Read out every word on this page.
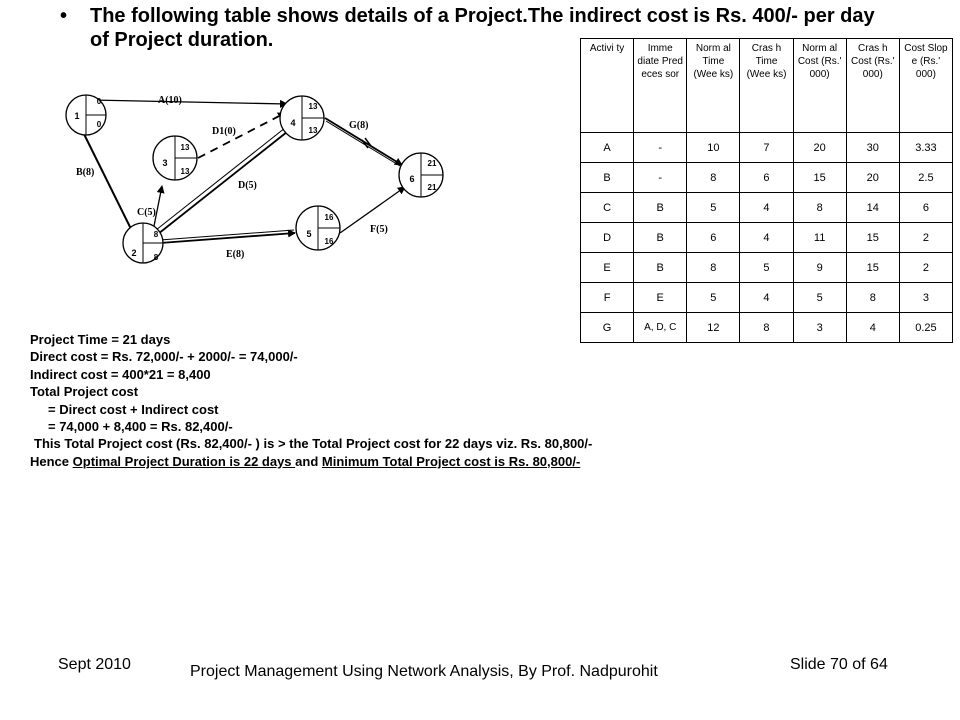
•	The following table shows details of a Project.The indirect cost is Rs. 400/- per day of Project duration.
A(10)
B(8)
C(5)
D(5)
E(8)
F(5)
G(8)
D1(0)
1
0
0
2
8
8
3
13
13
4
13
13
5
16
16
6
21
21
Activi ty	Imme diate Pred eces sor	Norm al Time (Wee ks)	Cras h Time (Wee ks)	Norm al Cost (Rs.' 000)	Cras h Cost (Rs.' 000)	Cost Slop e (Rs.' 000)
A	-	10	7	20	30	3.33
B	-	8	6	15	20	2.5
C	B	5	4	8	14	6
D	B	6	4	11	15	2
E	B	8	5	9	15	2
F	E	5	4	5	8	3
G	A, D, C	12	8	3	4	0.25
Project Time = 21 days
Direct cost = Rs. 72,000/- + 2000/- = 74,000/-
Indirect cost = 400*21 = 8,400
Total Project cost
= Direct cost + Indirect cost
= 74,000 + 8,400 = Rs. 82,400/-
This Total Project cost (Rs. 82,400/- ) is > the Total Project cost for 22 days viz. Rs. 80,800/-
Hence Optimal Project Duration is 22 days and Minimum Total Project cost is Rs. 80,800/-
Sept 2010	Project Management Using Network Analysis, By Prof. Nadpurohit	Slide 70 of 64
